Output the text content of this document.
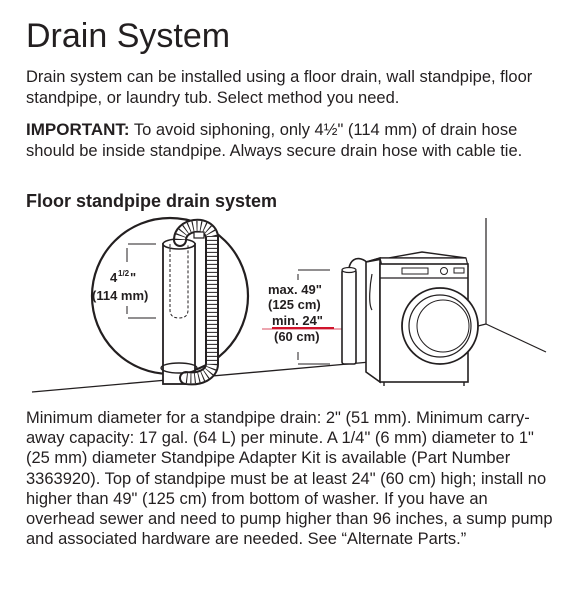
Drain System

Drain system can be installed using a floor drain, wall standpipe, floor standpipe, or laundry tub. Select method you need.

IMPORTANT: To avoid siphoning, only 4½" (114 mm) of drain hose should be inside standpipe. Always secure drain hose with cable tie.

Floor standpipe drain system
4 1/2 "
(114 mm)	max. 49"
(125 cm)
min. 24"
(60 cm)

Minimum diameter for a standpipe drain: 2" (51 mm). Minimum carry-away capacity: 17 gal. (64 L) per minute. A 1/4" (6 mm) diameter to 1" (25 mm) diameter Standpipe Adapter Kit is available (Part Number 3363920). Top of standpipe must be at least 24" (60 cm) high; install no higher than 49" (125 cm) from bottom of washer. If you have an overhead sewer and need to pump higher than 96 inches, a sump pump and associated hardware are needed. See “Alternate Parts.”
